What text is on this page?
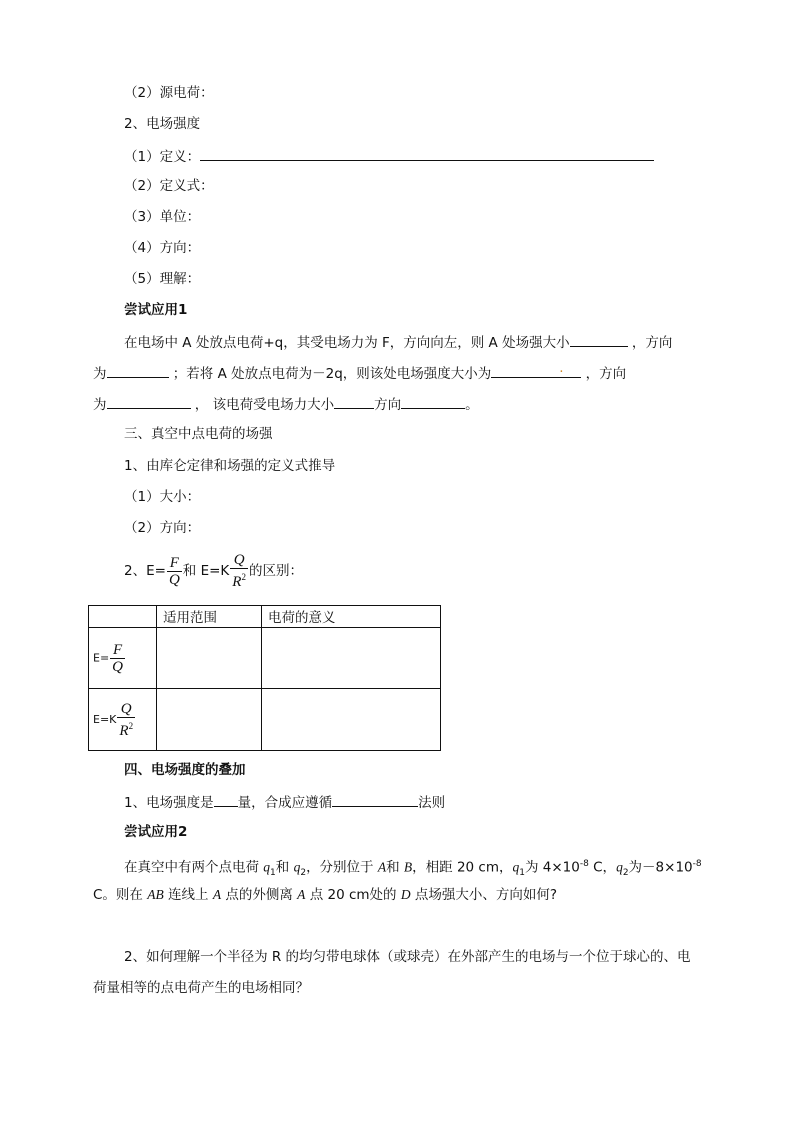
（2）源电荷：
2、电场强度
（1）定义：
（2）定义式：
（3）单位：
（4）方向：
（5）理解：
尝试应用1
在电场中 A 处放点电荷+q，其受电场力为 F，方向向左，则 A 处场强大小	，方向
为	；若将 A 处放点电荷为－2q，则该处电场强度大小为	. ，方向
为	， 该电荷受电场力大小	方向	。
三、真空中点电荷的场强
1、由库仑定律和场强的定义式推导
（1）大小：
（2）方向：
2、$E= \frac{F}{Q}$ 和 $E=K \frac{Q}{R^2}$ 的区别：
	适用范围	电荷的意义
$E= \frac{F}{Q}$

$E=K \frac{Q}{R^2}$

四、电场强度的叠加
1、电场强度是 量，合成应遵循	法则
尝试应用2
在真空中有两个点电荷 $q_1$和 $q_2$，分别位于 A和 B，相距 20 cm，$q_1$为 $4\times 10^{-8}$ C，$q_2$为$-8\times 10^{-8}$
C。则在 AB 连线上 A 点的外侧离 A 点 20 cm处的 D 点场强大小、方向如何?
2、如何理解一个半径为 R 的均匀带电球体（或球壳）在外部产生的电场与一个位于球心的、电
荷量相等的点电荷产生的电场相同？
